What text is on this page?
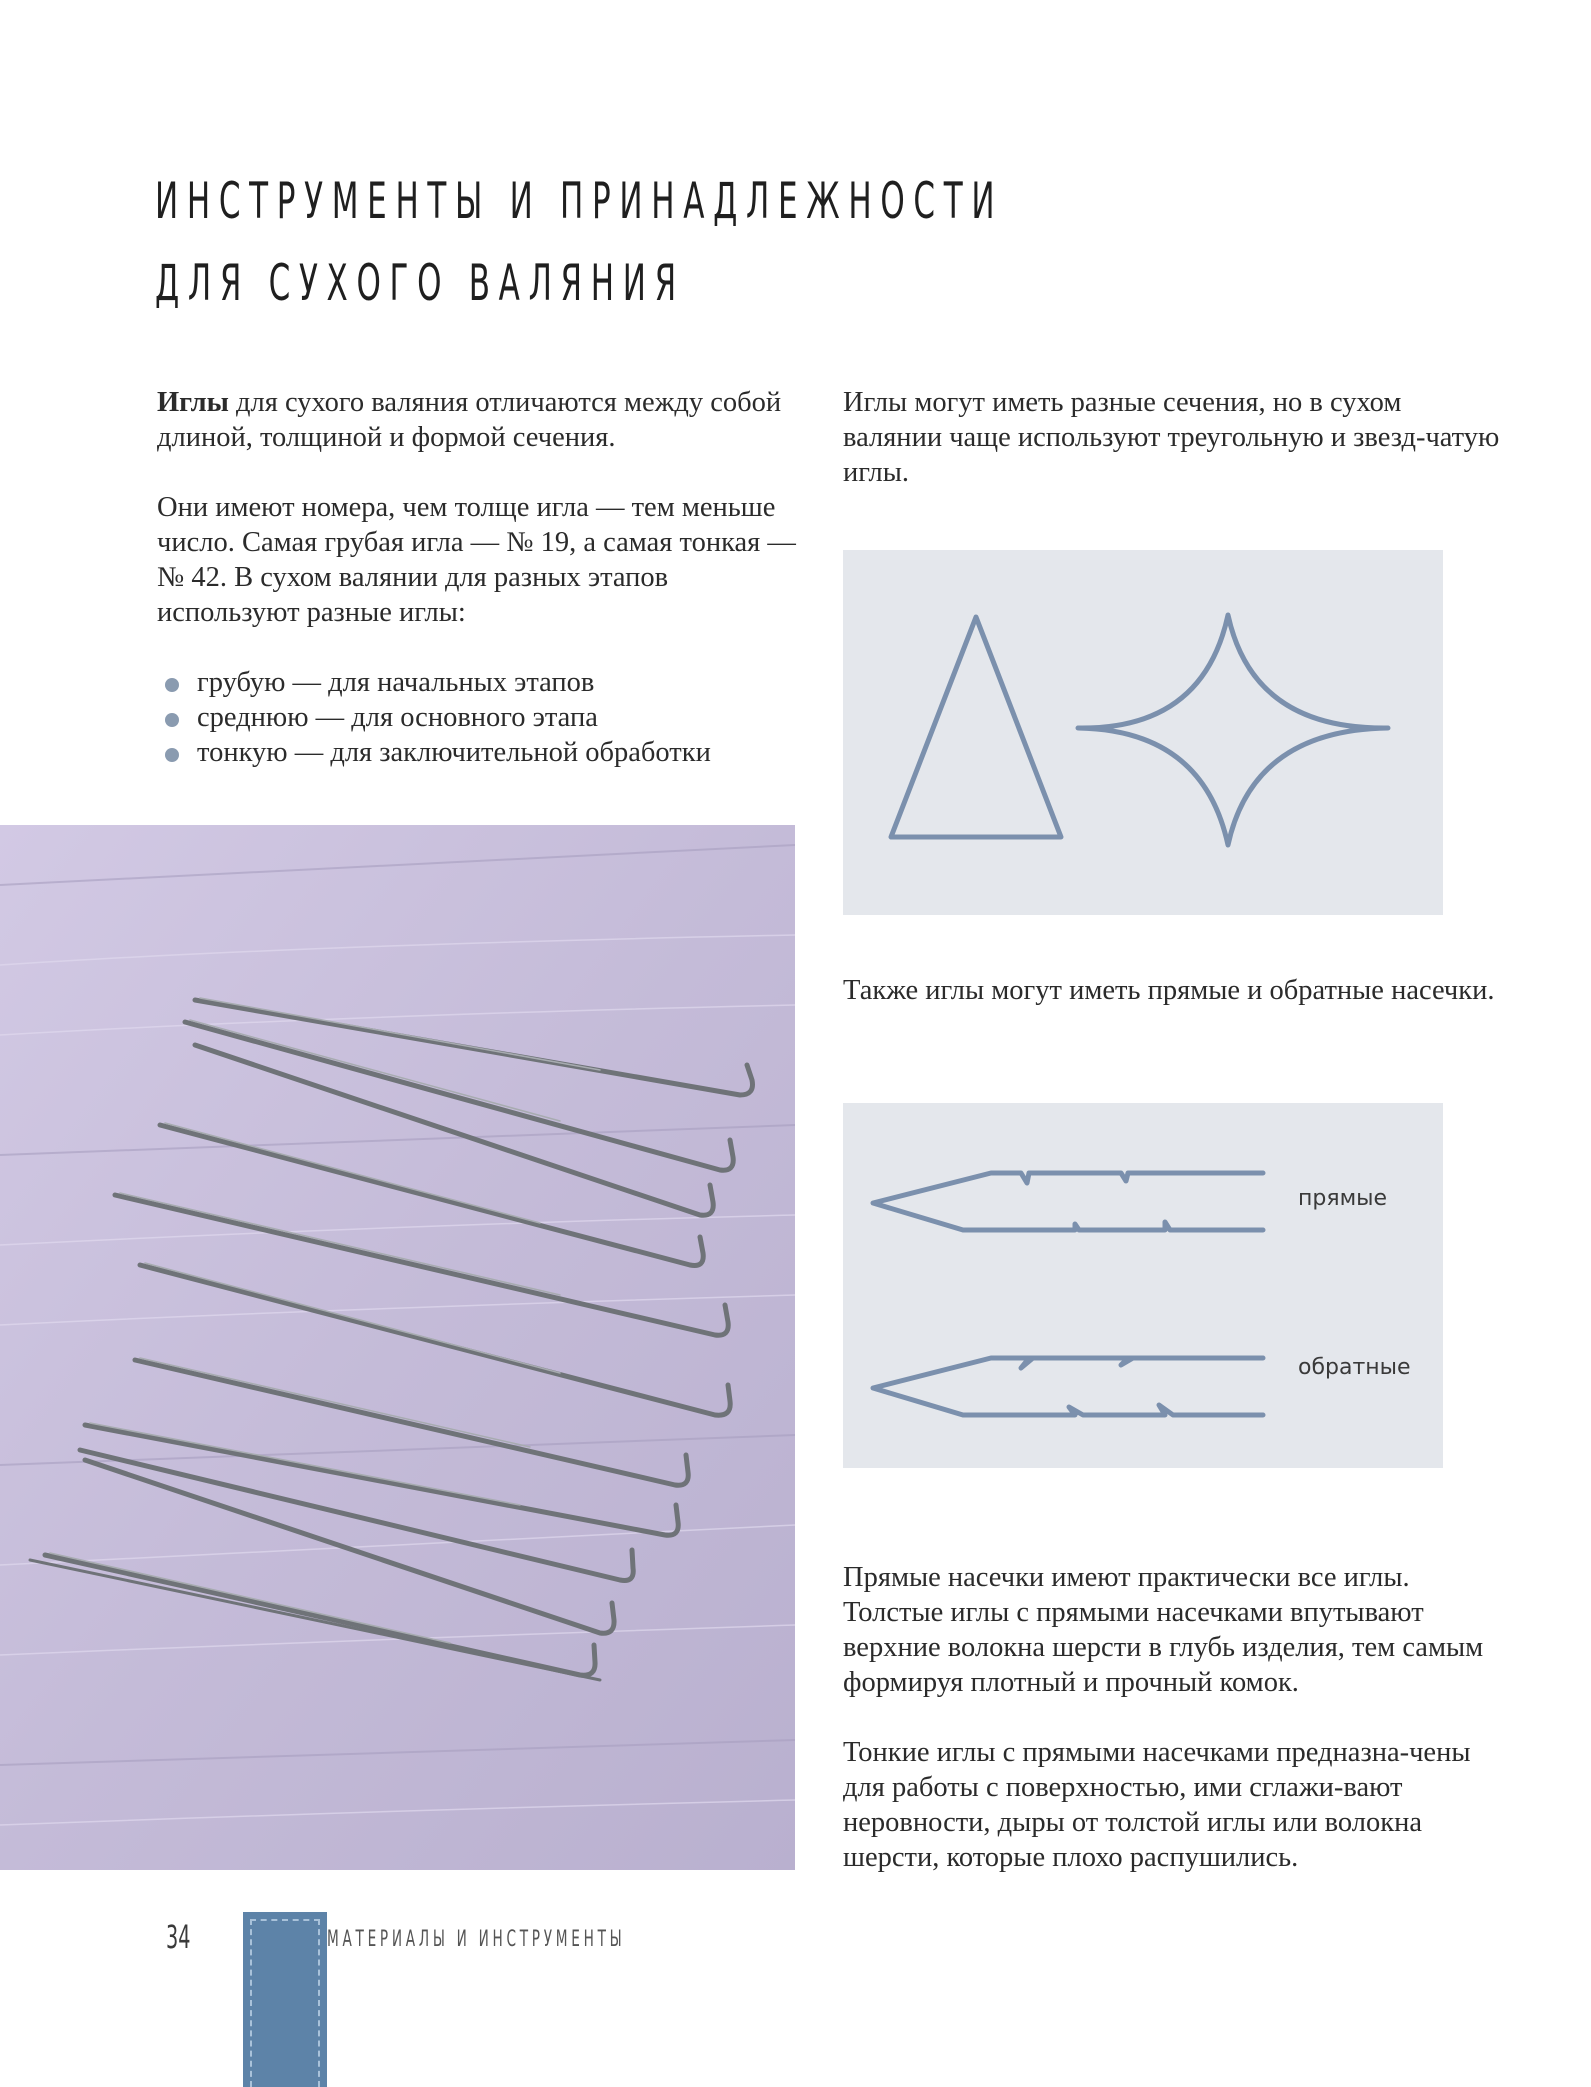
ИНСТРУМЕНТЫ И ПРИНАДЛЕЖНОСТИ
ДЛЯ СУХОГО ВАЛЯНИЯ

Иглы для сухого валяния отличаются между собой длиной, толщиной и формой сечения.

Они имеют номера, чем толще игла — тем меньше число. Самая грубая игла — № 19, а самая тонкая — № 42. В сухом валянии для разных этапов используют разные иглы:

грубую — для начальных этапов
среднюю — для основного этапа
тонкую — для заключительной обработки

Иглы могут иметь разные сечения, но в сухом валянии чаще используют треугольную и звезд-чатую иглы.

Также иглы могут иметь прямые и обратные насечки.

прямые
обратные

Прямые насечки имеют практически все иглы. Толстые иглы с прямыми насечками впутывают верхние волокна шерсти в глубь изделия, тем самым формируя плотный и прочный комок.

Тонкие иглы с прямыми насечками предназна-чены для работы с поверхностью, ими сглажи-вают неровности, дыры от толстой иглы или волокна шерсти, которые плохо распушились.

34	МАТЕРИАЛЫ И ИНСТРУМЕНТЫ
